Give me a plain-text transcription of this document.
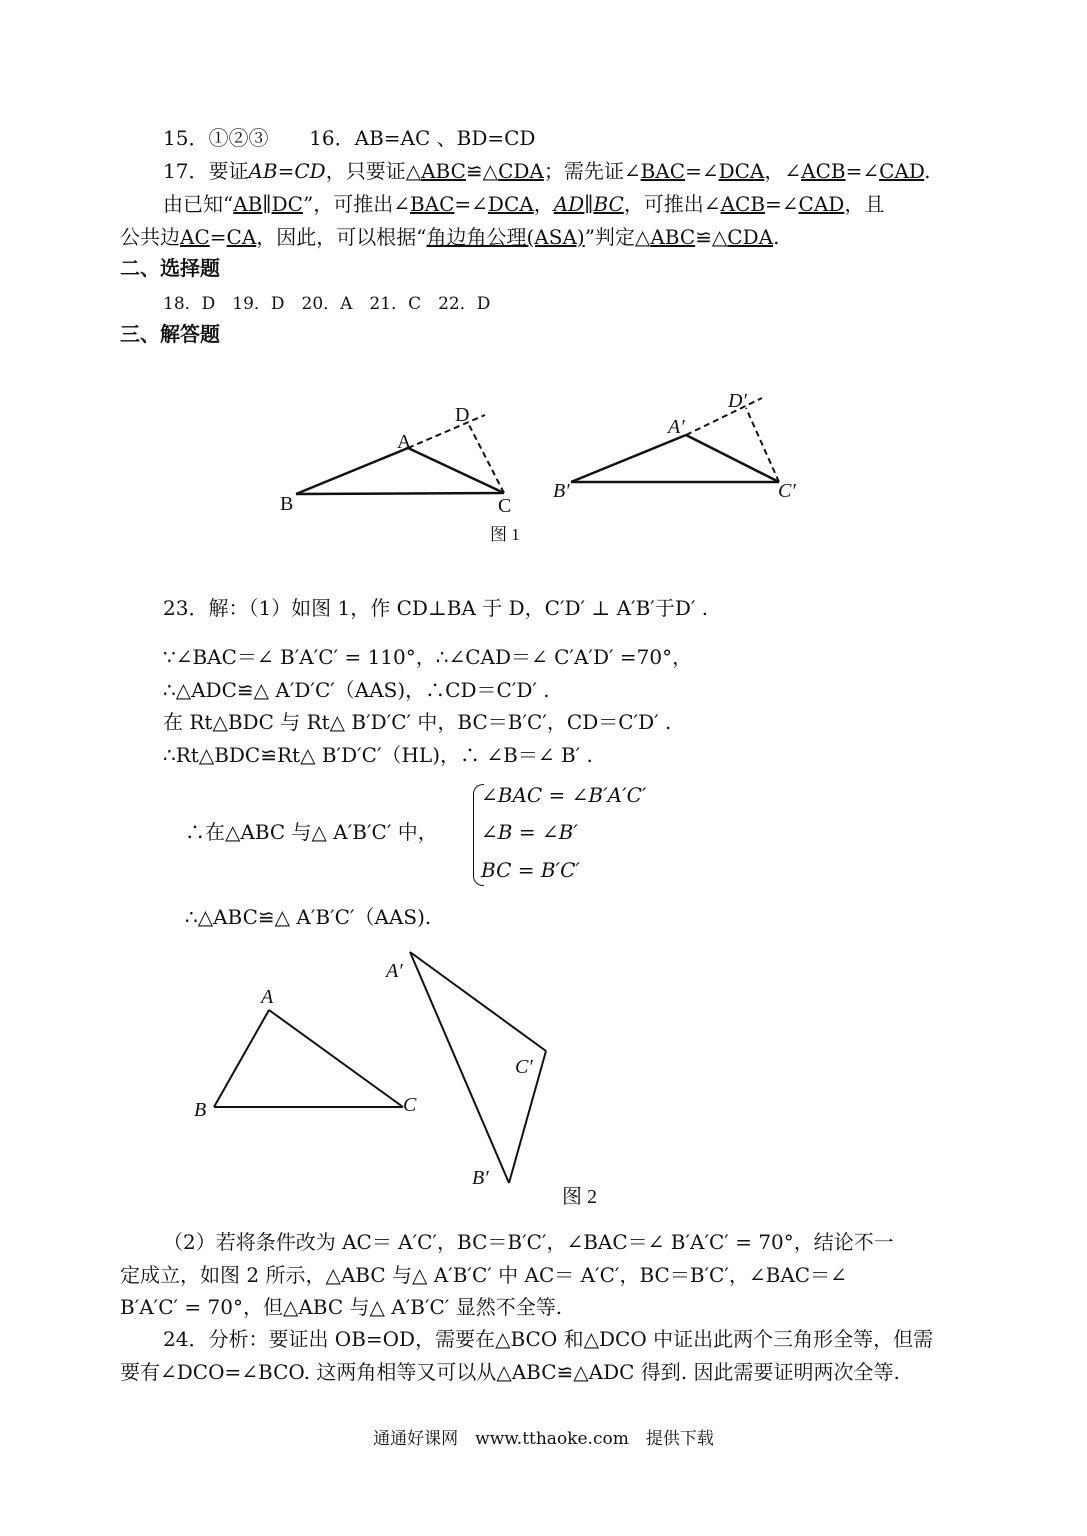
15．①②③ 16．AB=AC 、BD=CD
17．要证AB=CD，只要证△ABC≌△CDA；需先证∠BAC=∠DCA，∠ACB=∠CAD.
由已知“AB∥DC”，可推出∠BAC=∠DCA，AD∥BC，可推出∠ACB=∠CAD，且
公共边AC=CA，因此，可以根据“角边角公理(ASA)”判定△ABC≌△CDA.
二、选择题
18．D　19．D　20．A　21．C　22．D
三、解答题
A
B	C
D
A′
B′	C′
D′
图 1
23．解：（1）如图 1，作 CD⊥BA 于 D，C′D′ ⊥ A′B′于D′ .
∵∠BAC＝∠ B′A′C′ = 110°，∴∠CAD＝∠ C′A′D′ =70°，
∴△ADC≌△ A′D′C′（AAS)，∴CD＝C′D′ .
在 Rt△BDC 与 Rt△ B′D′C′ 中，BC＝B′C′，CD＝C′D′ .
∴Rt△BDC≌Rt△ B′D′C′（HL)，∴ ∠B＝∠ B′ .
∴在△ABC 与△ A′B′C′ 中，
∠BAC = ∠B′A′C′
∠B = ∠B′
BC = B′C′
∴△ABC≌△ A′B′C′（AAS).
A
B	C
A′
B′
C′
图 2
（2）若将条件改为 AC＝ A′C′，BC＝B′C′，∠BAC＝∠ B′A′C′ = 70°，结论不一
定成立，如图 2 所示，△ABC 与△ A′B′C′ 中 AC＝ A′C′，BC＝B′C′，∠BAC＝∠
B′A′C′ = 70°，但△ABC 与△ A′B′C′ 显然不全等.
24．分析：要证出 OB=OD，需要在△BCO 和△DCO 中证出此两个三角形全等，但需
要有∠DCO=∠BCO. 这两角相等又可以从△ABC≌△ADC 得到. 因此需要证明两次全等.
通通好课网　www.tthaoke.com　提供下载
